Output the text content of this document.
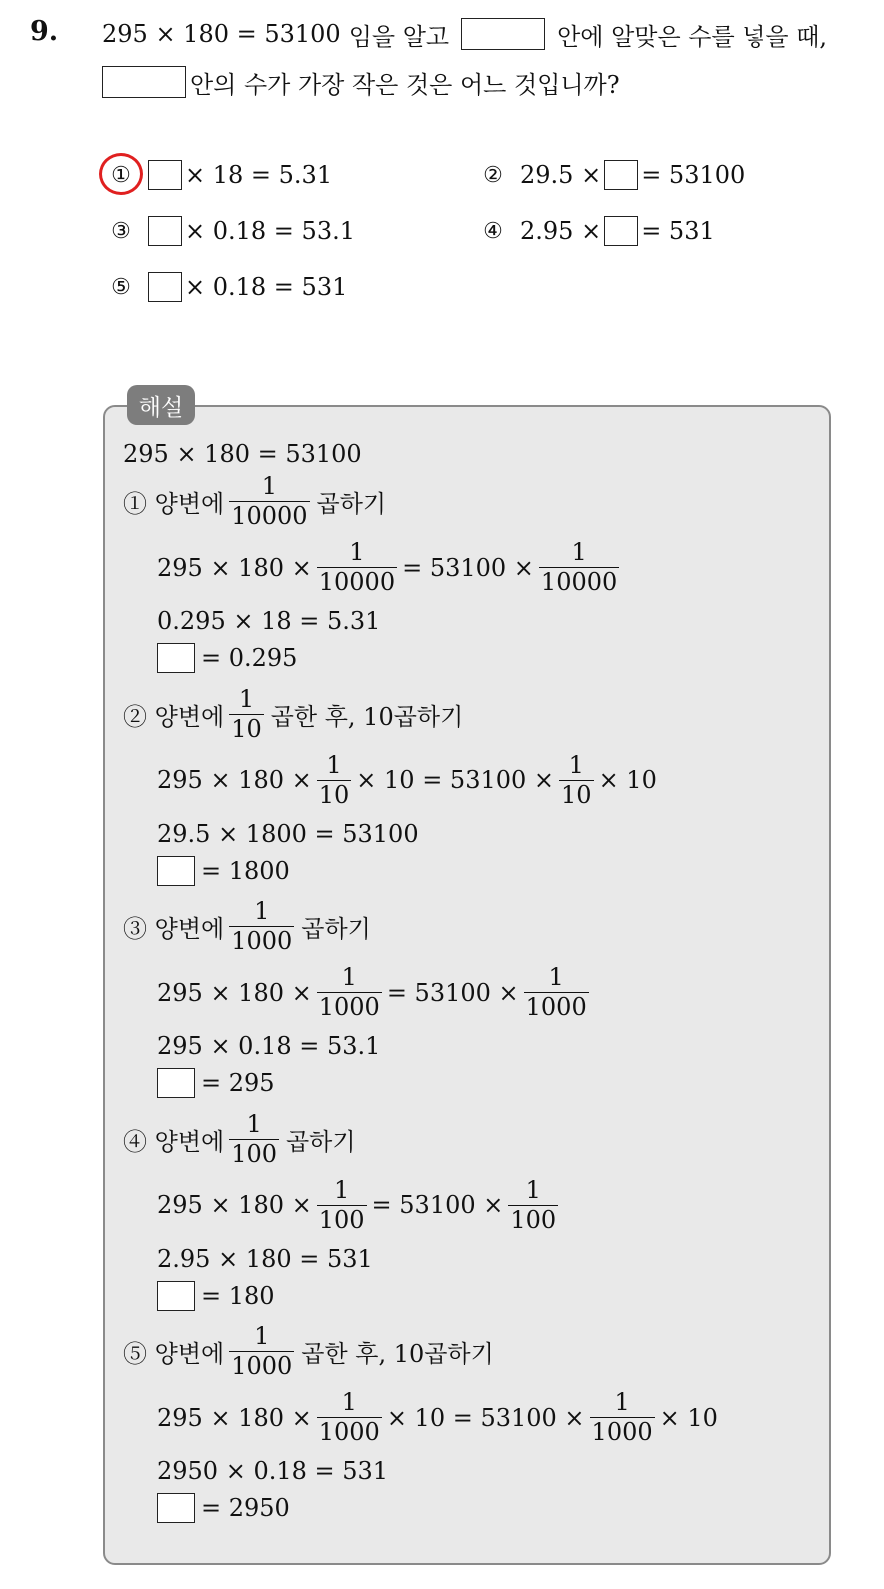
9. 295 × 180 = 53100 임을 알고	안에 알맞은 수를 넣을 때,
안의 수가 가장 작은 것은 어느 것입니까?
① × 18 = 5.31	② 29.5 × = 53100
③ × 0.18 = 53.1	④ 2.95 × = 531
⑤ × 0.18 = 531
해설
295 × 180 = 53100
① 양변에 $\frac{1}{10000}$ 곱하기
$295 \times 180 \times \frac{1}{10000} = 53100 \times \frac{1}{10000}$
0.295 × 18 = 5.31
= 0.295
② 양변에 $\frac{1}{10}$ 곱한 후, 10곱하기
$295 \times 180 \times \frac{1}{10} \times 10 = 53100 \times \frac{1}{10} \times 10$
29.5 × 1800 = 53100
= 1800
③ 양변에 $\frac{1}{1000}$ 곱하기
$295 \times 180 \times \frac{1}{1000} = 53100 \times \frac{1}{1000}$
295 × 0.18 = 53.1
= 295
④ 양변에 $\frac{1}{100}$ 곱하기
$295 \times 180 \times \frac{1}{100} = 53100 \times \frac{1}{100}$
2.95 × 180 = 531
= 180
⑤ 양변에 $\frac{1}{1000}$ 곱한 후, 10곱하기
$295 \times 180 \times \frac{1}{1000} \times 10 = 53100 \times \frac{1}{1000} \times 10$
2950 × 0.18 = 531
= 2950
